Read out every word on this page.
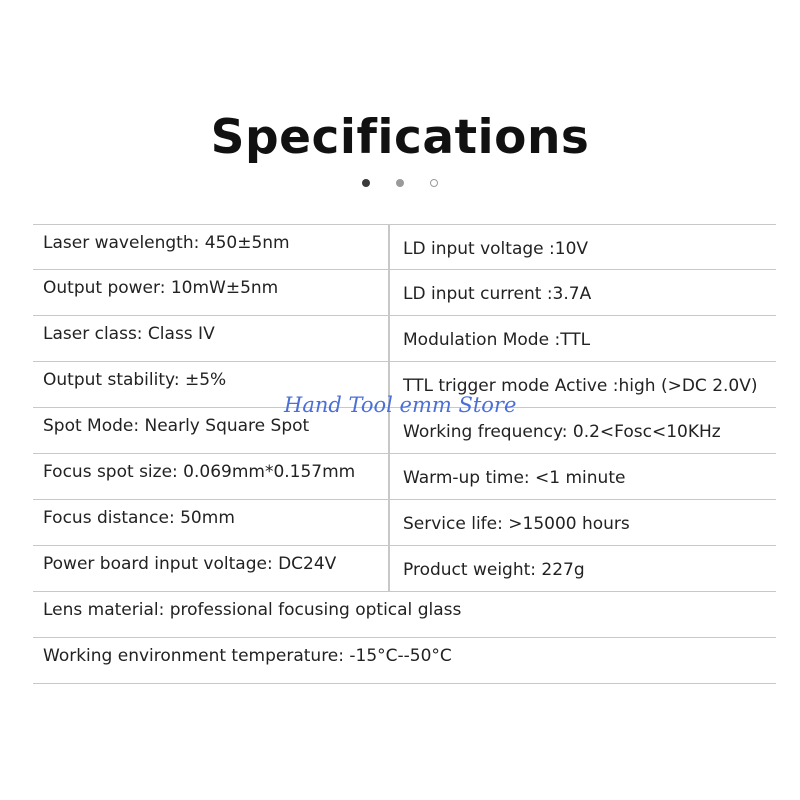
Specifications

Laser wavelength: 450±5nm	LD input voltage :10V
Output power: 10mW±5nm	LD input current :3.7A
Laser class: Class IV	Modulation Mode :TTL
Output stability: ±5%	TTL trigger mode Active :high (>DC 2.0V)
Spot Mode: Nearly Square Spot	Working frequency: 0.2<Fosc<10KHz
Focus spot size: 0.069mm*0.157mm	Warm-up time: <1 minute
Focus distance: 50mm	Service life: >15000 hours
Power board input voltage: DC24V	Product weight: 227g
Lens material: professional focusing optical glass
Working environment temperature: -15°C--50°C
Hand Tool emm Store
